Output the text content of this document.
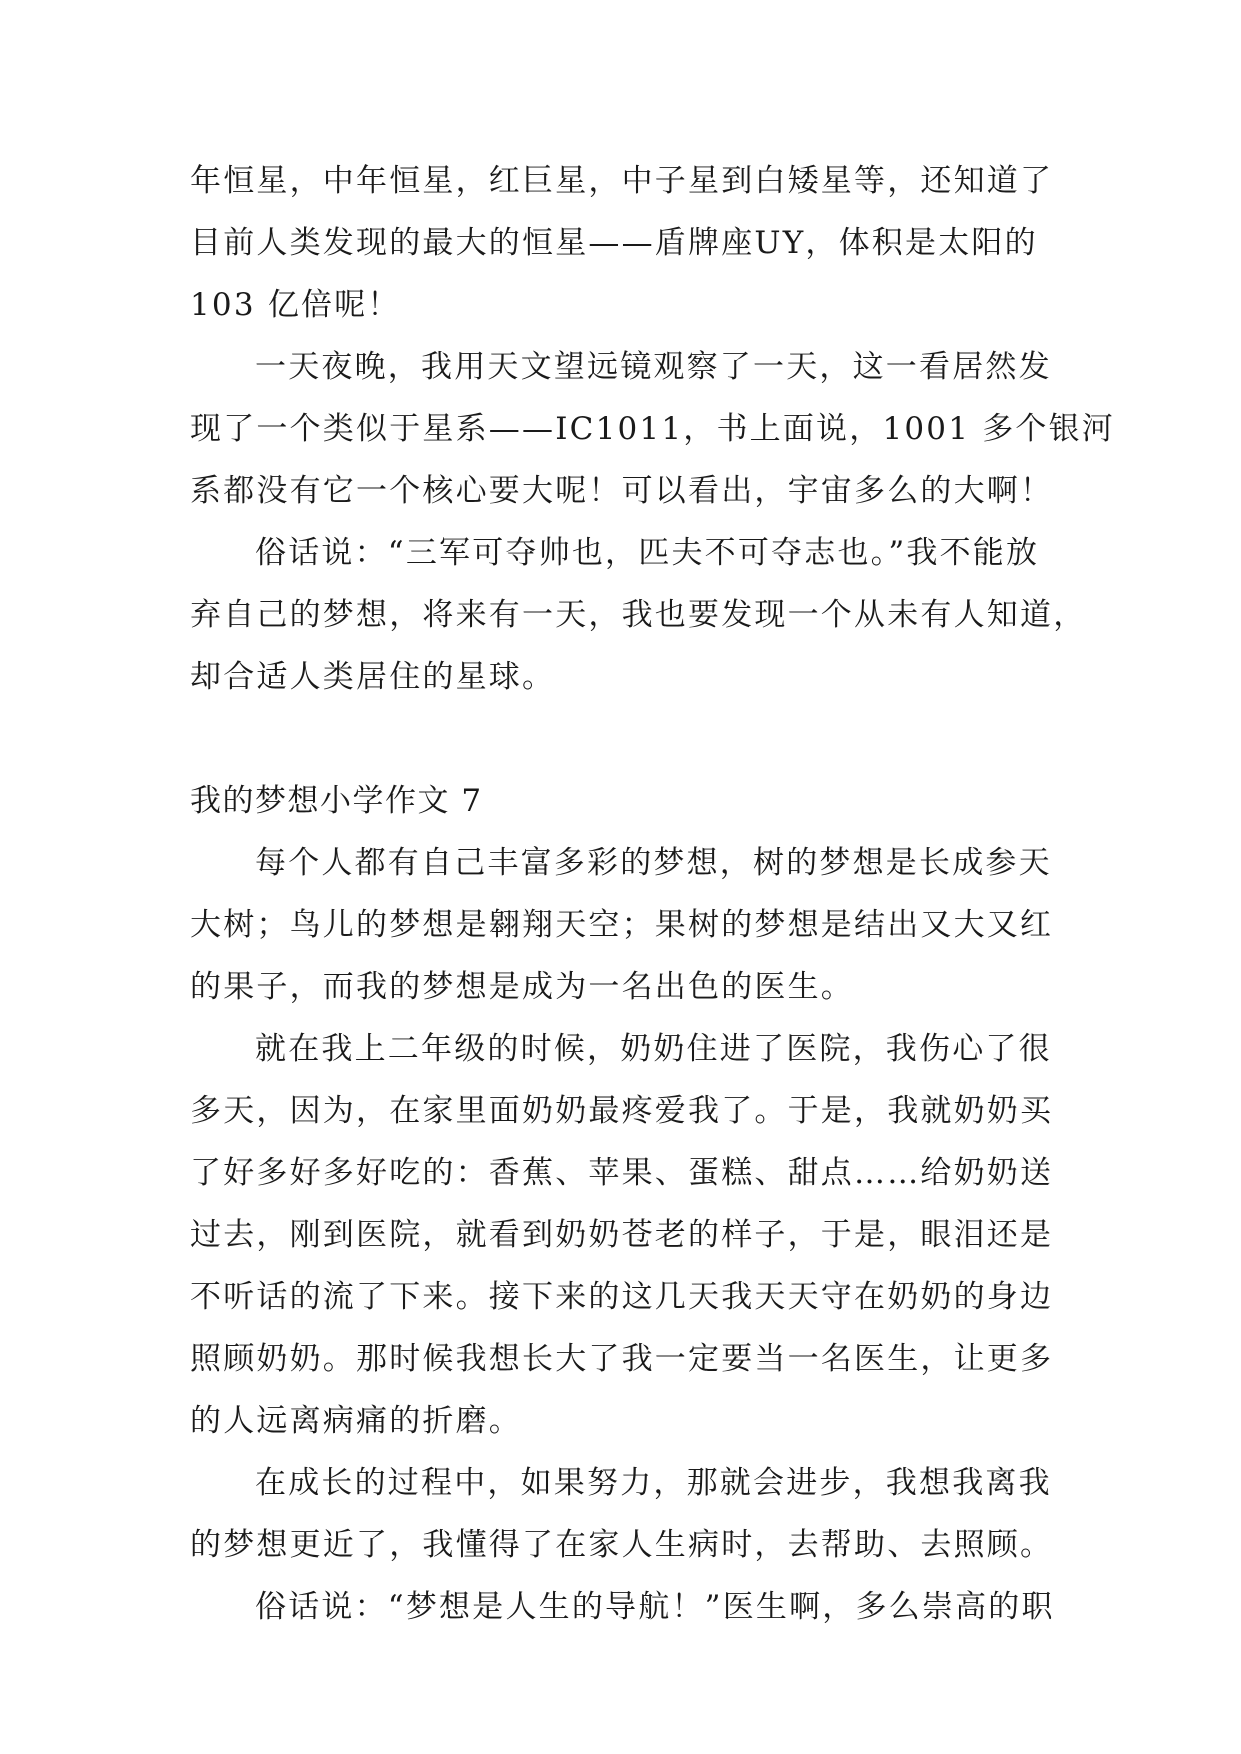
年恒星，中年恒星，红巨星，中子星到白矮星等，还知道了
目前人类发现的最大的恒星——盾牌座UY，体积是太阳的
103 亿倍呢！
一天夜晚，我用天文望远镜观察了一天，这一看居然发
现了一个类似于星系——IC1011，书上面说，1001 多个银河
系都没有它一个核心要大呢！可以看出，宇宙多么的大啊！
俗话说：“三军可夺帅也，匹夫不可夺志也。”我不能放
弃自己的梦想，将来有一天，我也要发现一个从未有人知道，
却合适人类居住的星球。
我的梦想小学作文 7
每个人都有自己丰富多彩的梦想，树的梦想是长成参天
大树；鸟儿的梦想是翱翔天空；果树的梦想是结出又大又红
的果子，而我的梦想是成为一名出色的医生。
就在我上二年级的时候，奶奶住进了医院，我伤心了很
多天，因为，在家里面奶奶最疼爱我了。于是，我就奶奶买
了好多好多好吃的：香蕉、苹果、蛋糕、甜点……给奶奶送
过去，刚到医院，就看到奶奶苍老的样子，于是，眼泪还是
不听话的流了下来。接下来的这几天我天天守在奶奶的身边
照顾奶奶。那时候我想长大了我一定要当一名医生，让更多
的人远离病痛的折磨。
在成长的过程中，如果努力，那就会进步，我想我离我
的梦想更近了，我懂得了在家人生病时，去帮助、去照顾。
俗话说：“梦想是人生的导航！”医生啊，多么崇高的职
